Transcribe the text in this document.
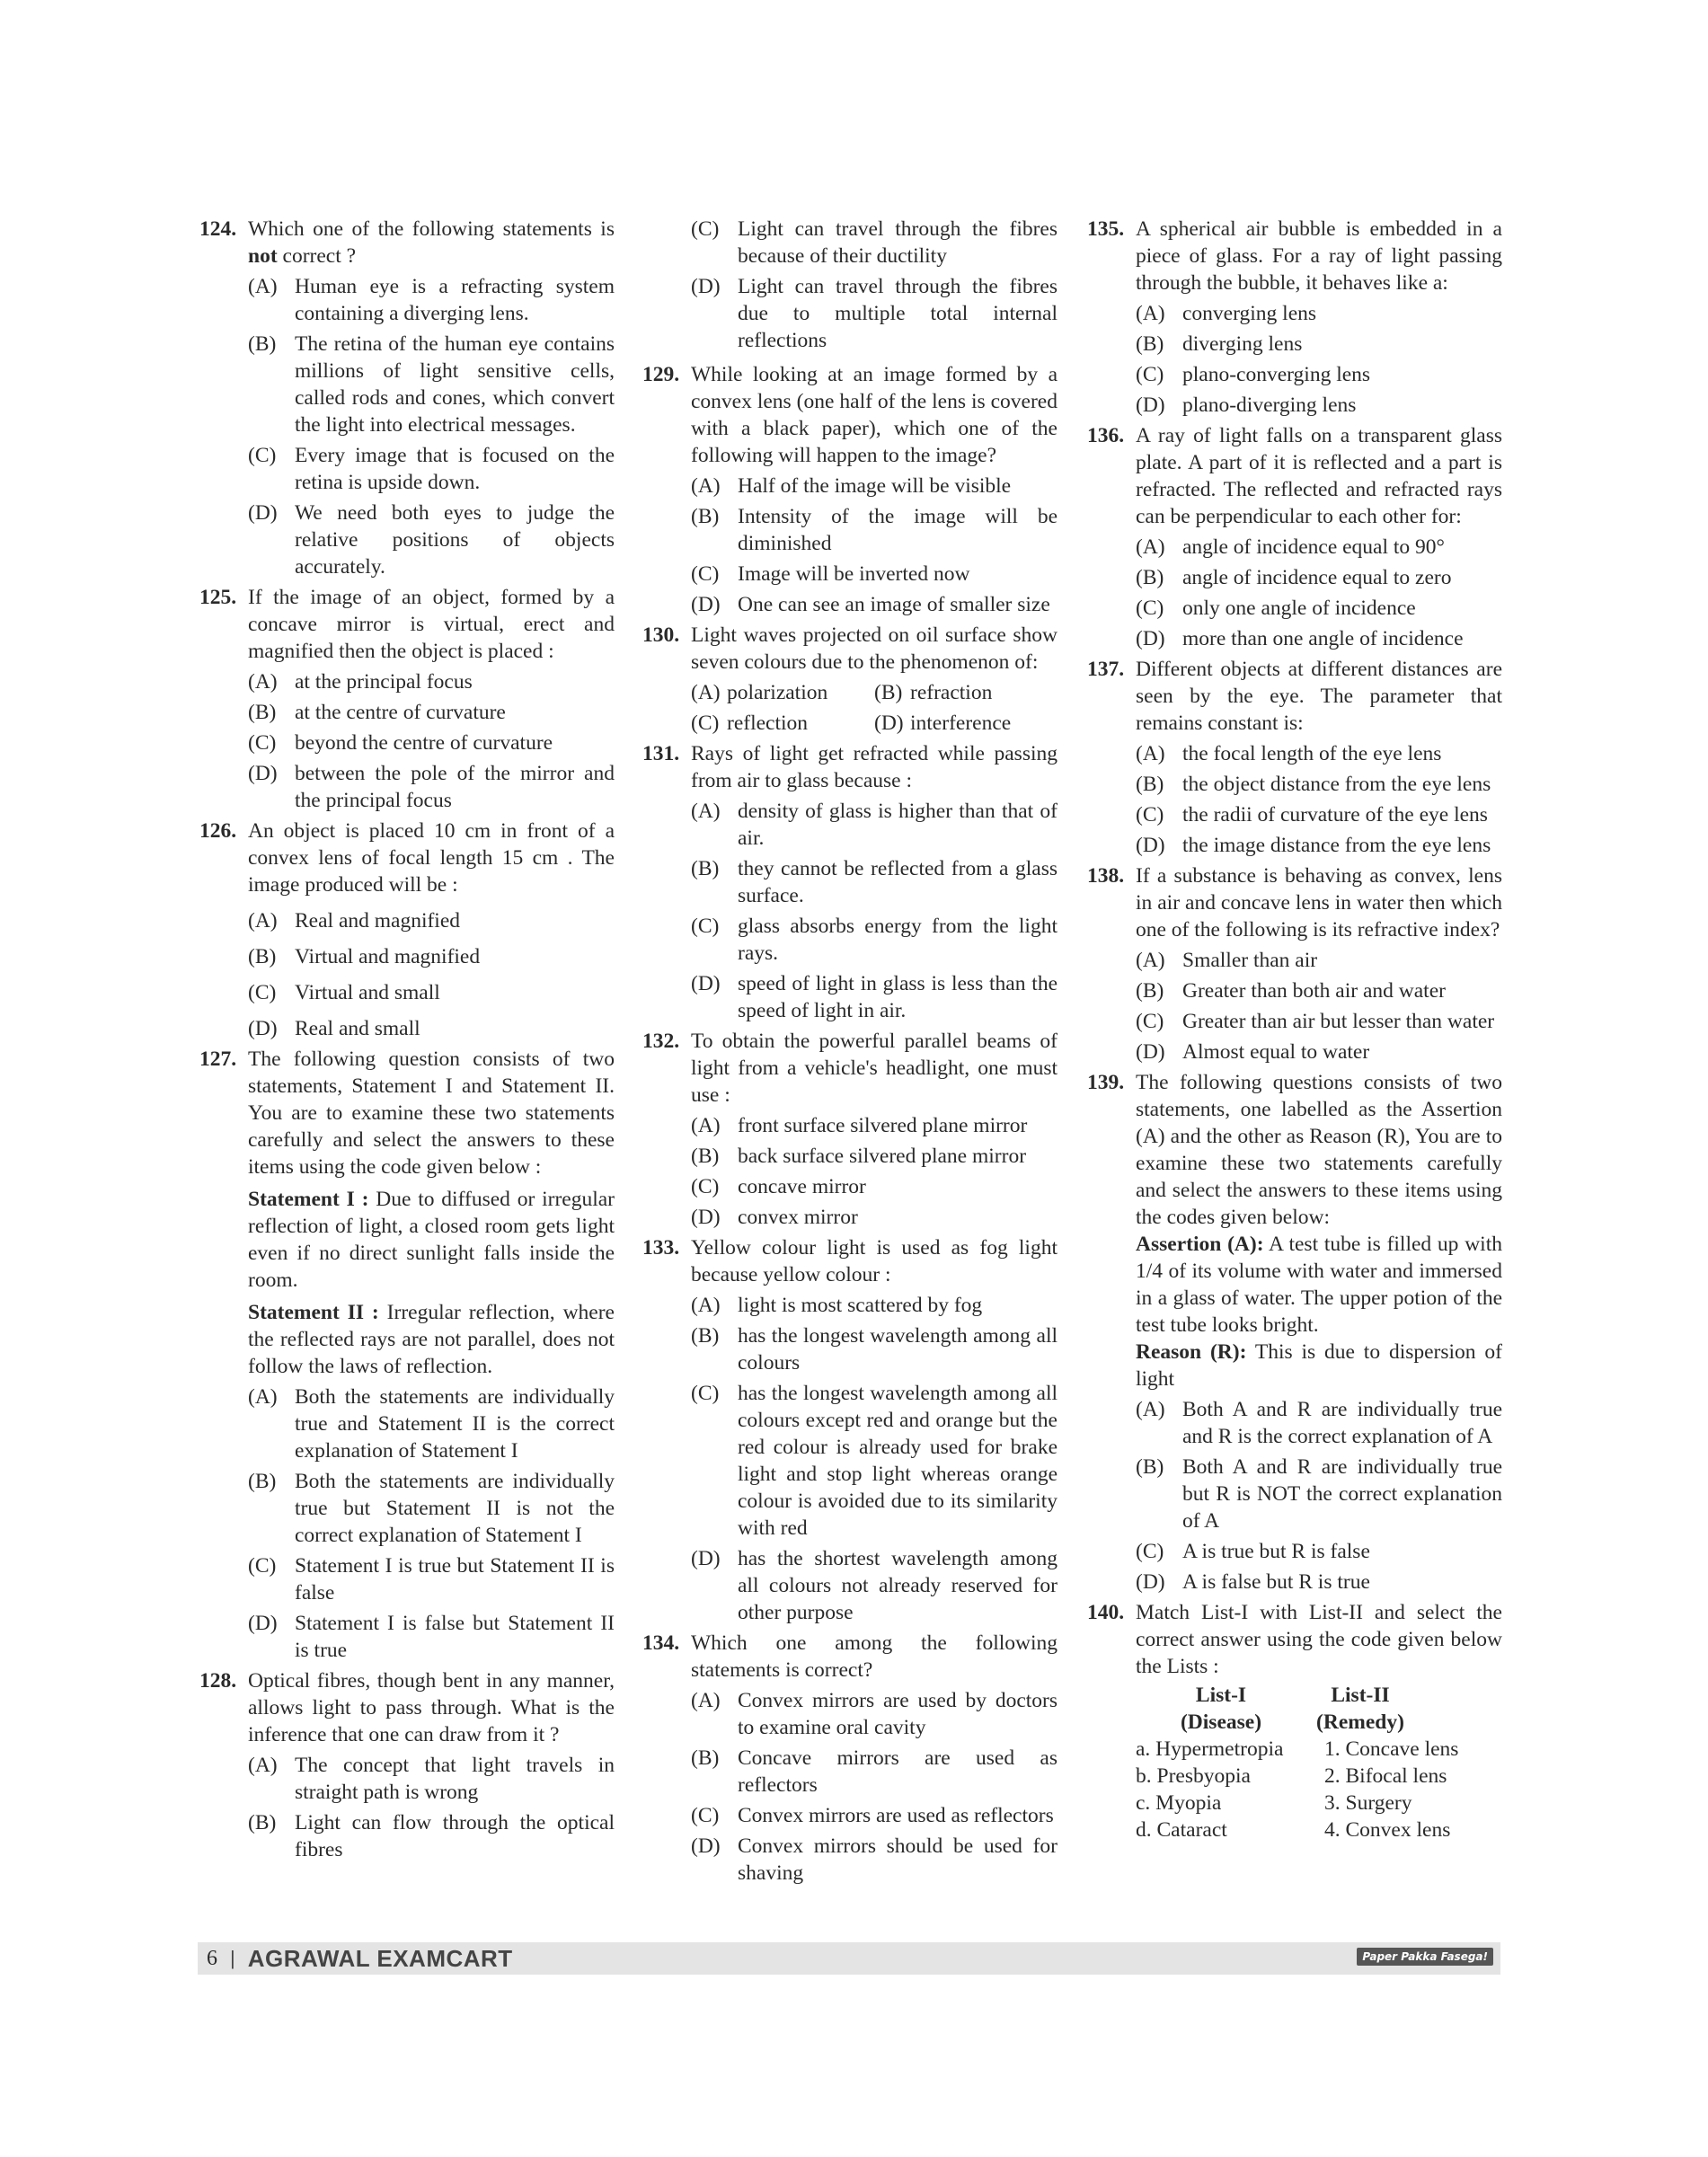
124. Which one of the following statements is not correct ?
(A) Human eye is a refracting system containing a diverging lens.
(B) The retina of the human eye contains millions of light sensitive cells, called rods and cones, which convert the light into electrical messages.
(C) Every image that is focused on the retina is upside down.
(D) We need both eyes to judge the relative positions of objects accurately.
125. If the image of an object, formed by a concave mirror is virtual, erect and magnified then the object is placed :
(A) at the principal focus
(B) at the centre of curvature
(C) beyond the centre of curvature
(D) between the pole of the mirror and the principal focus
126. An object is placed 10 cm in front of a convex lens of focal length 15 cm . The image produced will be :
(A) Real and magnified
(B) Virtual and magnified
(C) Virtual and small
(D) Real and small
127. The following question consists of two statements, Statement I and Statement II. You are to examine these two statements carefully and select the answers to these items using the code given below :
Statement I : Due to diffused or irregular reflection of light, a closed room gets light even if no direct sunlight falls inside the room.
Statement II : Irregular reflection, where the reflected rays are not parallel, does not follow the laws of reflection.
(A) Both the statements are individually true and Statement II is the correct explanation of Statement I
(B) Both the statements are individually true but Statement II is not the correct explanation of Statement I
(C) Statement I is true but Statement II is false
(D) Statement I is false but Statement II is true
128. Optical fibres, though bent in any manner, allows light to pass through. What is the inference that one can draw from it ?
(A) The concept that light travels in straight path is wrong
(B) Light can flow through the optical fibres
(C) Light can travel through the fibres because of their ductility
(D) Light can travel through the fibres due to multiple total internal reflections
129. While looking at an image formed by a convex lens (one half of the lens is covered with a black paper), which one of the following will happen to the image?
(A) Half of the image will be visible
(B) Intensity of the image will be diminished
(C) Image will be inverted now
(D) One can see an image of smaller size
130. Light waves projected on oil surface show seven colours due to the phenomenon of:
(A) polarization	(B) refraction
(C) reflection	(D) interference
131. Rays of light get refracted while passing from air to glass because :
(A) density of glass is higher than that of air.
(B) they cannot be reflected from a glass surface.
(C) glass absorbs energy from the light rays.
(D) speed of light in glass is less than the speed of light in air.
132. To obtain the powerful parallel beams of light from a vehicle's headlight, one must use :
(A) front surface silvered plane mirror
(B) back surface silvered plane mirror
(C) concave mirror
(D) convex mirror
133. Yellow colour light is used as fog light because yellow colour :
(A) light is most scattered by fog
(B) has the longest wavelength among all colours
(C) has the longest wavelength among all colours except red and orange but the red colour is already used for brake light and stop light whereas orange colour is avoided due to its similarity with red
(D) has the shortest wavelength among all colours not already reserved for other purpose
134. Which one among the following statements is correct?
(A) Convex mirrors are used by doctors to examine oral cavity
(B) Concave mirrors are used as reflectors
(C) Convex mirrors are used as reflectors
(D) Convex mirrors should be used for shaving
135. A spherical air bubble is embedded in a piece of glass. For a ray of light passing through the bubble, it behaves like a:
(A) converging lens
(B) diverging lens
(C) plano-converging lens
(D) plano-diverging lens
136. A ray of light falls on a transparent glass plate. A part of it is reflected and a part is refracted. The reflected and refracted rays can be perpendicular to each other for:
(A) angle of incidence equal to 90°
(B) angle of incidence equal to zero
(C) only one angle of incidence
(D) more than one angle of incidence
137. Different objects at different distances are seen by the eye. The parameter that remains constant is:
(A) the focal length of the eye lens
(B) the object distance from the eye lens
(C) the radii of curvature of the eye lens
(D) the image distance from the eye lens
138. If a substance is behaving as convex, lens in air and concave lens in water then which one of the following is its refractive index?
(A) Smaller than air
(B) Greater than both air and water
(C) Greater than air but lesser than water
(D) Almost equal to water
139. The following questions consists of two statements, one labelled as the Assertion (A) and the other as Reason (R), You are to examine these two statements carefully and select the answers to these items using the codes given below:
Assertion (A): A test tube is filled up with 1/4 of its volume with water and immersed in a glass of water. The upper potion of the test tube looks bright.
Reason (R): This is due to dispersion of light
(A) Both A and R are individually true and R is the correct explanation of A
(B) Both A and R are individually true but R is NOT the correct explanation of A
(C) A is true but R is false
(D) A is false but R is true
140. Match List-I with List-II and select the correct answer using the code given below the Lists :
List-I	List-II
(Disease)	(Remedy)
a. Hypermetropia	1. Concave lens
b. Presbyopia	2. Bifocal lens
c. Myopia	3. Surgery
d. Cataract	4. Convex lens
6 | AGRAWAL EXAMCART	Paper Pakka Fasega!
